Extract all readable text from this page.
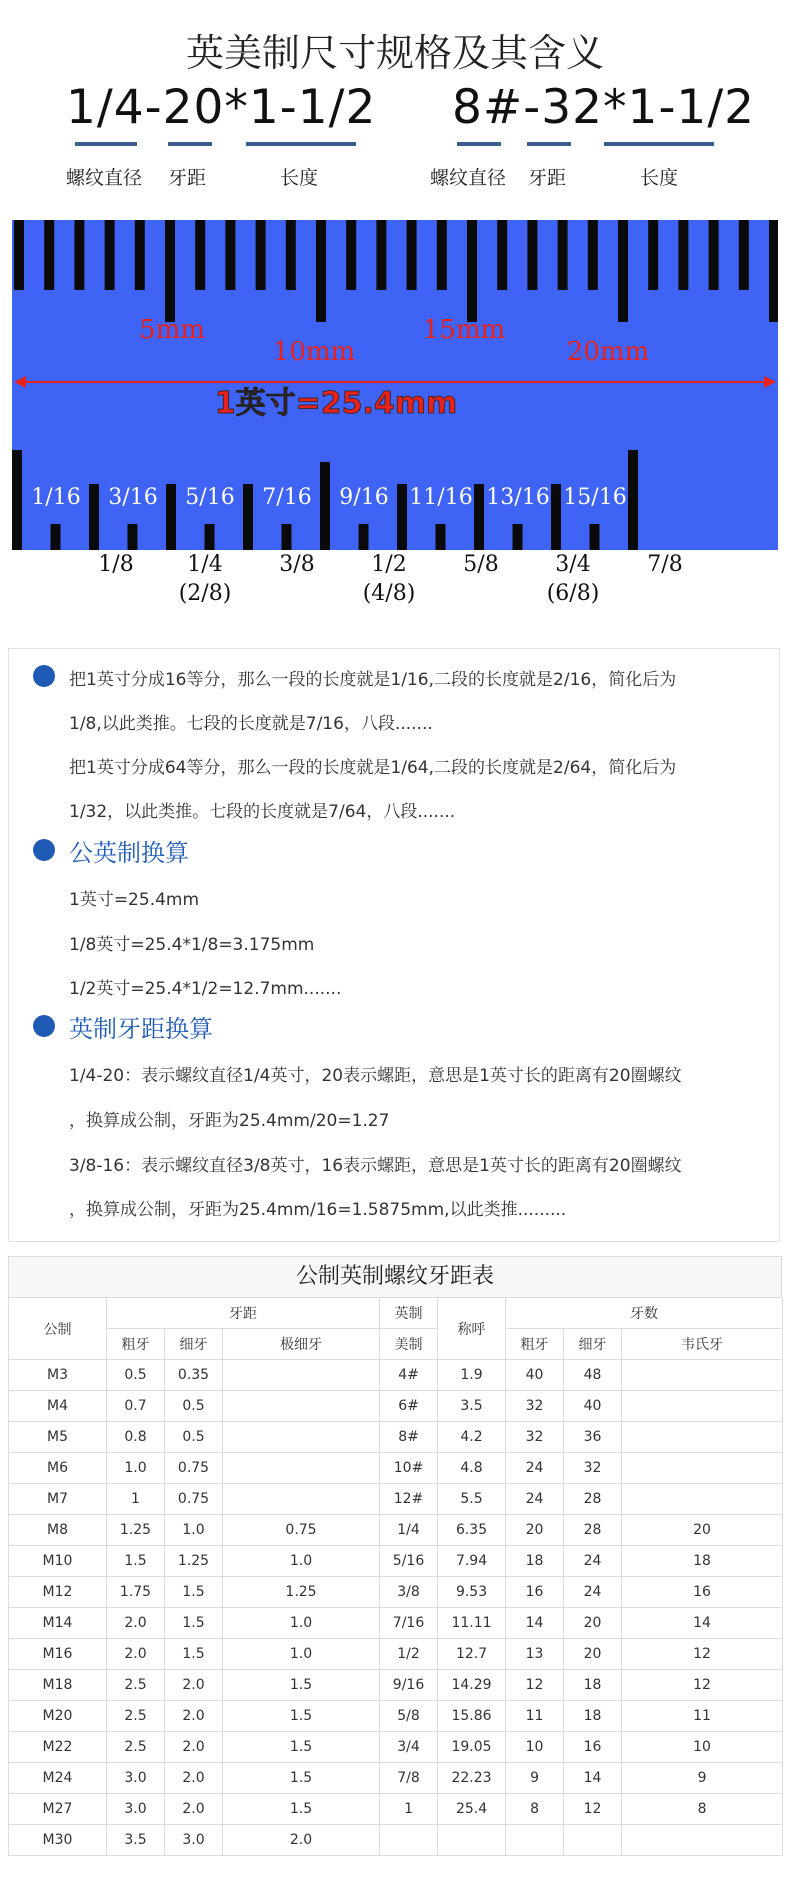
英美制尺寸规格及其含义
1/4-20*1-1/2 8#-32*1-1/2
螺纹直径 牙距	长度	螺纹直径 牙距	长度
5mm
10mm
15mm
20mm
1英寸=25.4mm
1/16 3/16 5/16 7/16 9/16 11/16 13/16 15/16
1/8	1/4	3/8	1/2	5/8	3/4	7/8
(2/8)	(4/8)	(6/8)
把1英寸分成16等分，那么一段的长度就是1/16,二段的长度就是2/16，简化后为
1/8,以此类推。七段的长度就是7/16，八段.......
把1英寸分成64等分，那么一段的长度就是1/64,二段的长度就是2/64，简化后为
1/32，以此类推。七段的长度就是7/64，八段.......
公英制换算
1英寸=25.4mm
1/8英寸=25.4*1/8=3.175mm
1/2英寸=25.4*1/2=12.7mm.......
英制牙距换算
1/4-20：表示螺纹直径1/4英寸，20表示螺距，意思是1英寸长的距离有20圈螺纹
，换算成公制，牙距为25.4mm/20=1.27
3/8-16：表示螺纹直径3/8英寸，16表示螺距，意思是1英寸长的距离有20圈螺纹
，换算成公制，牙距为25.4mm/16=1.5875mm,以此类推.........
公制英制螺纹牙距表
公制	牙距			英制	称呼	牙数		
	粗牙	细牙	极细牙	美制		粗牙	细牙	韦氏牙
M3	0.5	0.35		4#	1.9	40	48	
M4	0.7	0.5		6#	3.5	32	40	
M5	0.8	0.5		8#	4.2	32	36	
M6	1.0	0.75		10#	4.8	24	32	
M7	1	0.75		12#	5.5	24	28	
M8	1.25	1.0	0.75	1/4	6.35	20	28	20
M10	1.5	1.25	1.0	5/16	7.94	18	24	18
M12	1.75	1.5	1.25	3/8	9.53	16	24	16
M14	2.0	1.5	1.0	7/16	11.11	14	20	14
M16	2.0	1.5	1.0	1/2	12.7	13	20	12
M18	2.5	2.0	1.5	9/16	14.29	12	18	12
M20	2.5	2.0	1.5	5/8	15.86	11	18	11
M22	2.5	2.0	1.5	3/4	19.05	10	16	10
M24	3.0	2.0	1.5	7/8	22.23	9	14	9
M27	3.0	2.0	1.5	1	25.4	8	12	8
M30	3.5	3.0	2.0					
